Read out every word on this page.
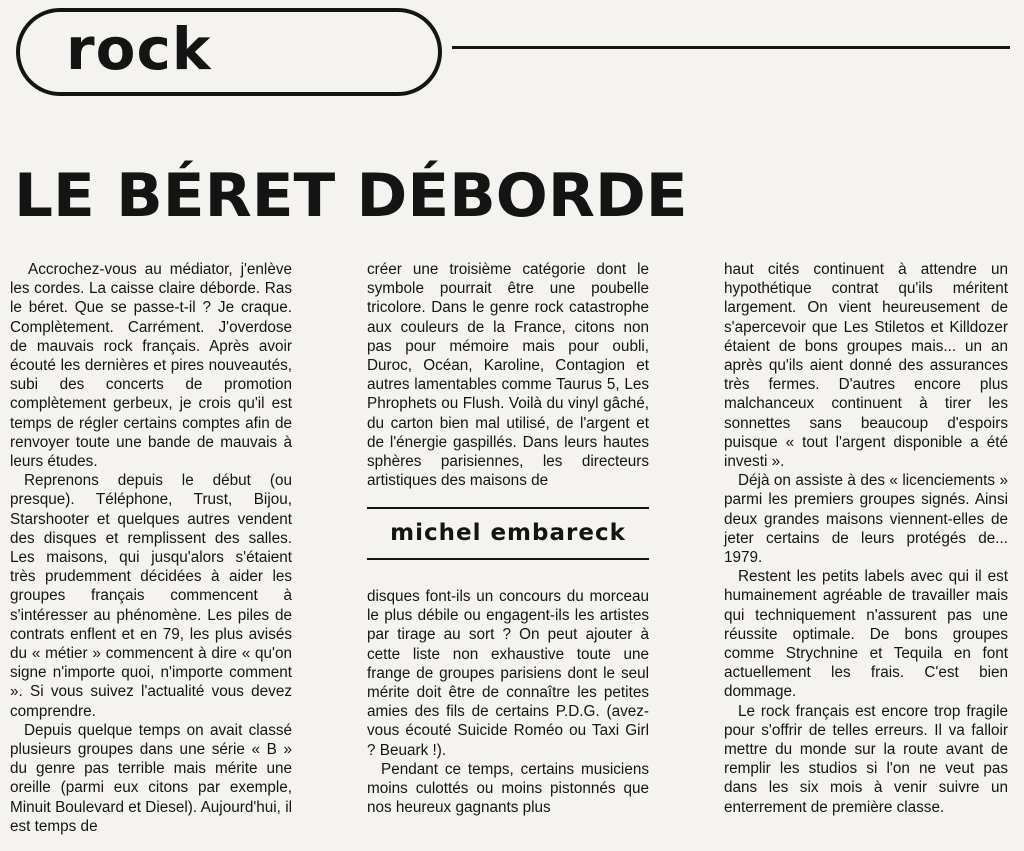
rock
LE BÉRET DÉBORDE

Accrochez-vous au médiator, j'enlève les cordes. La caisse claire déborde. Ras le béret. Que se passe-t-il ? Je craque. Complètement. Carrément. J'overdose de mauvais rock français. Après avoir écouté les dernières et pires nouveautés, subi des concerts de promotion complètement gerbeux, je crois qu'il est temps de régler certains comptes afin de renvoyer toute une bande de mauvais à leurs études.

Reprenons depuis le début (ou presque). Téléphone, Trust, Bijou, Starshooter et quelques autres vendent des disques et remplissent des salles. Les maisons, qui jusqu'alors s'étaient très prudemment décidées à aider les groupes français commencent à s'intéresser au phénomène. Les piles de contrats enflent et en 79, les plus avisés du « métier » commencent à dire « qu'on signe n'importe quoi, n'importe comment ». Si vous suivez l'actualité vous devez comprendre.

Depuis quelque temps on avait classé plusieurs groupes dans une série « B » du genre pas terrible mais mérite une oreille (parmi eux citons par exemple, Minuit Boulevard et Diesel). Aujourd'hui, il est temps de

créer une troisième catégorie dont le symbole pourrait être une poubelle tricolore. Dans le genre rock catastrophe aux couleurs de la France, citons non pas pour mémoire mais pour oubli, Duroc, Océan, Karoline, Contagion et autres lamentables comme Taurus 5, Les Phrophets ou Flush. Voilà du vinyl gâché, du carton bien mal utilisé, de l'argent et de l'énergie gaspillés. Dans leurs hautes sphères parisiennes, les directeurs artistiques des maisons de

michel embareck

disques font-ils un concours du morceau le plus débile ou engagent-ils les artistes par tirage au sort ? On peut ajouter à cette liste non exhaustive toute une frange de groupes parisiens dont le seul mérite doit être de connaître les petites amies des fils de certains P.D.G. (avez-vous écouté Suicide Roméo ou Taxi Girl ? Beuark !).

Pendant ce temps, certains musiciens moins culottés ou moins pistonnés que nos heureux gagnants plus

haut cités continuent à attendre un hypothétique contrat qu'ils méritent largement. On vient heureusement de s'apercevoir que Les Stiletos et Killdozer étaient de bons groupes mais... un an après qu'ils aient donné des assurances très fermes. D'autres encore plus malchanceux continuent à tirer les sonnettes sans beaucoup d'espoirs puisque « tout l'argent disponible a été investi ».

Déjà on assiste à des « licenciements » parmi les premiers groupes signés. Ainsi deux grandes maisons viennent-elles de jeter certains de leurs protégés de... 1979.

Restent les petits labels avec qui il est humainement agréable de travailler mais qui techniquement n'assurent pas une réussite optimale. De bons groupes comme Strychnine et Tequila en font actuellement les frais. C'est bien dommage.

Le rock français est encore trop fragile pour s'offrir de telles erreurs. Il va falloir mettre du monde sur la route avant de remplir les studios si l'on ne veut pas dans les six mois à venir suivre un enterrement de première classe.
